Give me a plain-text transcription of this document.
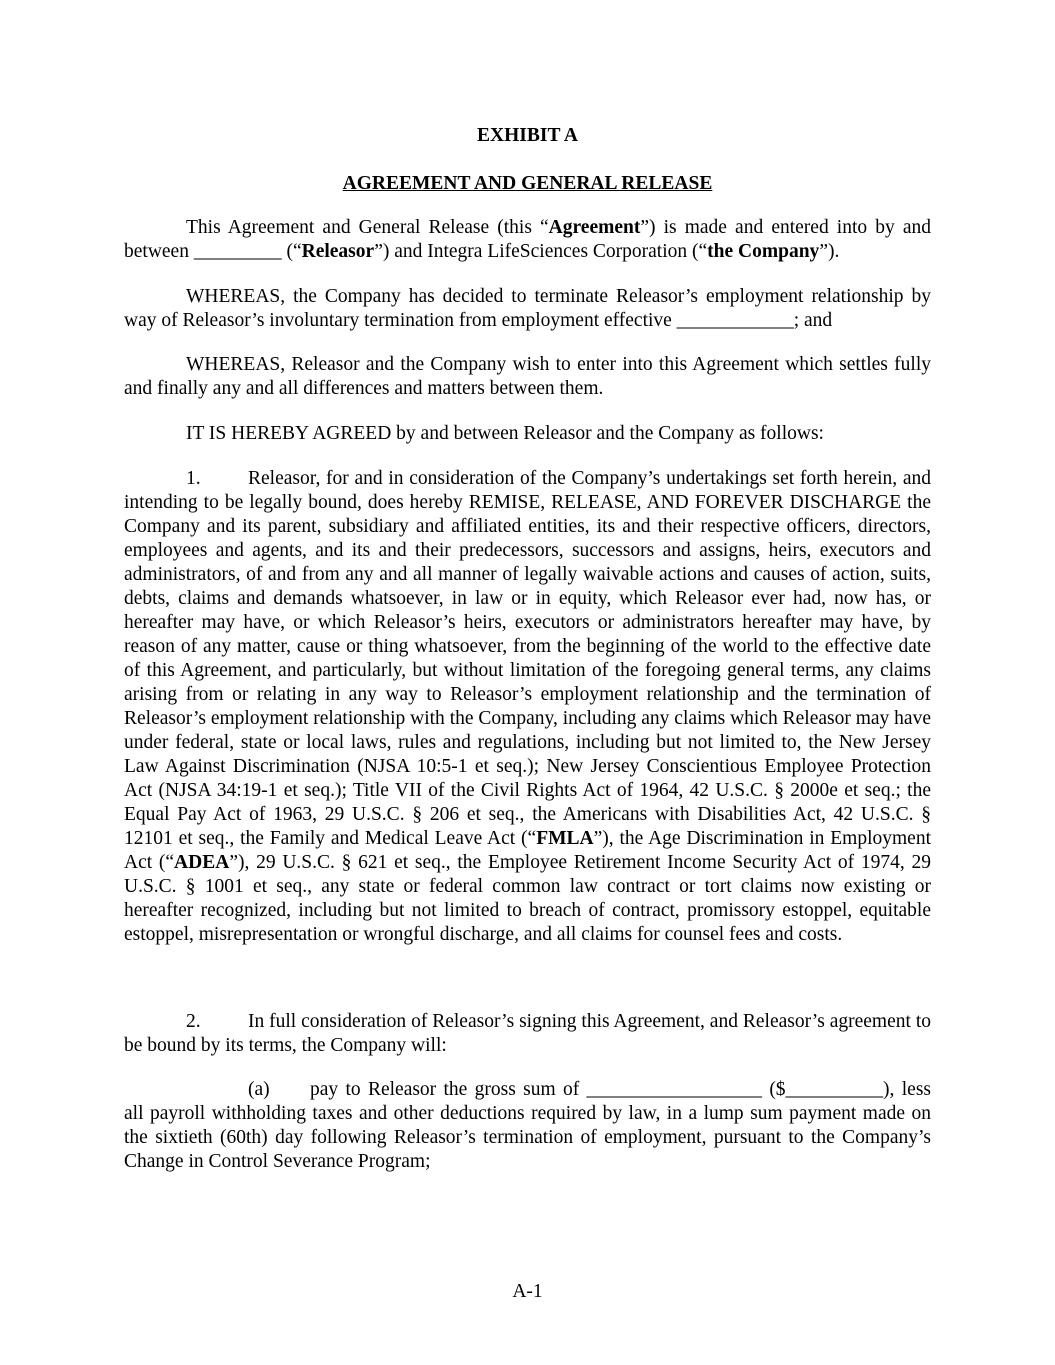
EXHIBIT A

AGREEMENT AND GENERAL RELEASE

This Agreement and General Release (this “Agreement”) is made and entered into by and between _________ (“Releasor”) and Integra LifeSciences Corporation (“the Company”).

WHEREAS, the Company has decided to terminate Releasor’s employment relationship by way of Releasor’s involuntary termination from employment effective ____________; and

WHEREAS, Releasor and the Company wish to enter into this Agreement which settles fully and finally any and all differences and matters between them.

IT IS HEREBY AGREED by and between Releasor and the Company as follows:

1. Releasor, for and in consideration of the Company’s undertakings set forth herein, and intending to be legally bound, does hereby REMISE, RELEASE, AND FOREVER DISCHARGE the Company and its parent, subsidiary and affiliated entities, its and their respective officers, directors, employees and agents, and its and their predecessors, successors and assigns, heirs, executors and administrators, of and from any and all manner of legally waivable actions and causes of action, suits, debts, claims and demands whatsoever, in law or in equity, which Releasor ever had, now has, or hereafter may have, or which Releasor’s heirs, executors or administrators hereafter may have, by reason of any matter, cause or thing whatsoever, from the beginning of the world to the effective date of this Agreement, and particularly, but without limitation of the foregoing general terms, any claims arising from or relating in any way to Releasor’s employment relationship and the termination of Releasor’s employment relationship with the Company, including any claims which Releasor may have under federal, state or local laws, rules and regulations, including but not limited to, the New Jersey Law Against Discrimination (NJSA 10:5-1 et seq.); New Jersey Conscientious Employee Protection Act (NJSA 34:19-1 et seq.); Title VII of the Civil Rights Act of 1964, 42 U.S.C. § 2000e et seq.; the Equal Pay Act of 1963, 29 U.S.C. § 206 et seq., the Americans with Disabilities Act, 42 U.S.C. § 12101 et seq., the Family and Medical Leave Act (“FMLA”), the Age Discrimination in Employment Act (“ADEA”), 29 U.S.C. § 621 et seq., the Employee Retirement Income Security Act of 1974, 29 U.S.C. § 1001 et seq., any state or federal common law contract or tort claims now existing or hereafter recognized, including but not limited to breach of contract, promissory estoppel, equitable estoppel, misrepresentation or wrongful discharge, and all claims for counsel fees and costs.

2. In full consideration of Releasor’s signing this Agreement, and Releasor’s agreement to be bound by its terms, the Company will:

(a) pay to Releasor the gross sum of __________________ ($__________), less all payroll withholding taxes and other deductions required by law, in a lump sum payment made on the sixtieth (60th) day following Releasor’s termination of employment, pursuant to the Company’s Change in Control Severance Program;

A-1
